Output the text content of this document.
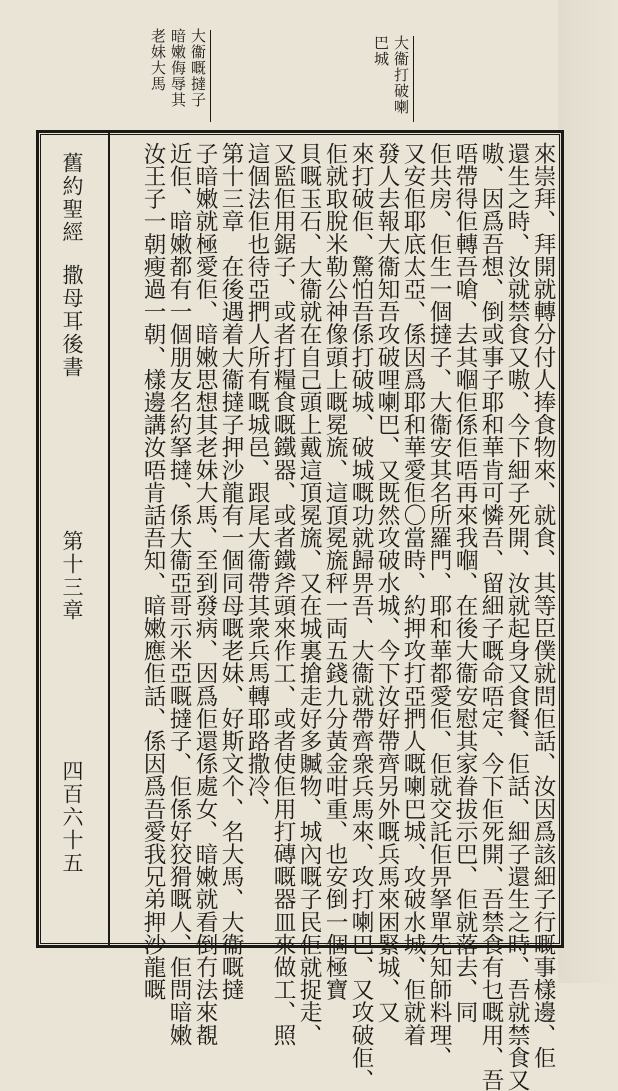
大衞打破喇
巴城
大衞嘅撻子
暗嫩侮辱其
老妹大馬
舊約聖經
撒母耳後書
第十三章
四百六十五	來崇拜、拜開就轉分付人捧食物來、就食、其等臣僕就問佢話、汝因爲該細子行嘅事樣邊、佢
還生之時、汝就禁食又嗷、今下細子死開、汝就起身又食餐、佢話、細子還生之時、吾就禁食又
嗷、因爲吾想、倒或事子耶和華肯可憐吾、留細子嘅命唔定、今下佢死開、吾禁食有乜嘅用、吾
唔帶得佢轉吾嗆、去其嗰佢係佢唔再來我嗰、在後大衞安慰其家眷拔示巴、佢就落去、同
佢共房、佢生一個撻子、大衞安其名所羅門、耶和華都愛佢、佢就交託佢畀拏單先知師料理、
又安佢耶底太亞、係因爲耶和華愛佢〇當時、約押攻打亞捫人嘅喇巴城、攻破水城、佢就着
發人去報大衞知吾攻破哩喇巴、又既然攻破水城、今下汝好帶齊另外嘅兵馬來困緊城、又
來打破佢、驚怕吾係打破城、破城嘅功就歸畀吾、大衞就帶齊衆兵馬來、攻打喇巴、又攻破佢、
佢就取脫米勒公神像頭上嘅冕旒、這頂冕旒秤一両五錢九分黃金咁重、也安倒一個極寶
貝嘅玉石、大衞就在自己頭上戴這頂冕旒、又在城裏搶走好多贓物、城內嘅子民佢就捉走、
又監佢用鋸子、或者打糧食嘅鐵器、或者鐵斧頭來作工、或者使佢用打磚嘅器皿來做工、照
這個法佢也待亞捫人所有嘅城邑、跟尾大衞帶其衆兵馬轉耶路撒冷、
第十三章　在後遇着大衞撻子押沙龍有一個同母嘅老妹、好斯文个、名大馬、大衞嘅撻
子暗嫩就極愛佢、暗嫩思想其老妹大馬、至到發病、因爲佢還係處女、暗嫩就看倒冇法來覩
近佢、暗嫩都有一個朋友名約拏撻、係大衞亞哥示米亞嘅撻子、佢係好狡猾嘅人、佢問暗嫩
汝王子一朝瘦過一朝、樣邊講汝唔肯話吾知、暗嫩應佢話、係因爲吾愛我兄弟押沙龍嘅
